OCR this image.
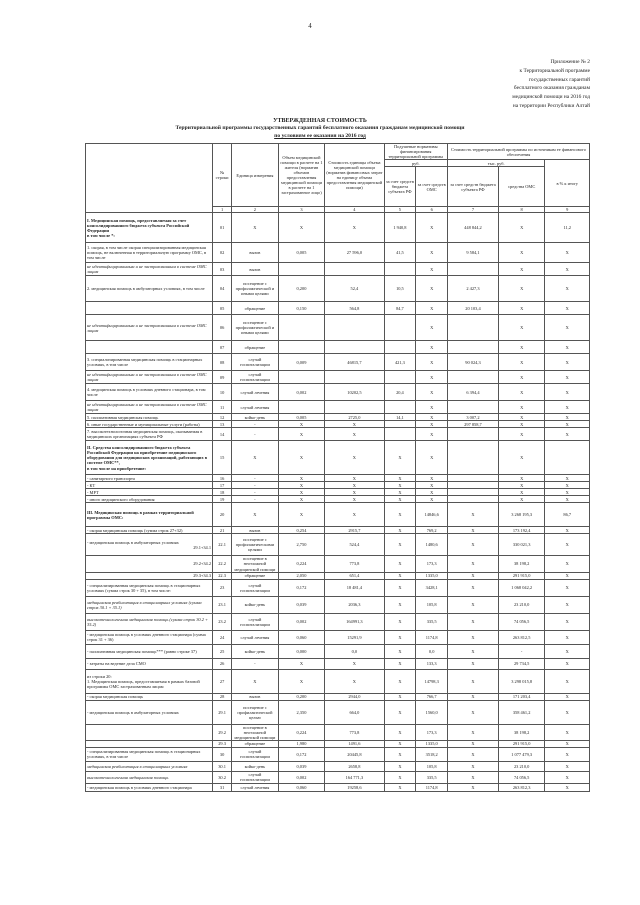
4
Приложение № 2
к Территориальной программе
государственных гарантий
бесплатного оказания гражданам
медицинской помощи на 2016 год
на территории Республики Алтай
УТВЕРЖДЕННАЯ СТОИМОСТЬ
Территориальной программы государственных гарантий бесплатного оказания гражданам медицинской помощи
по условиям ее оказания на 2016 год
	№ строки	Единица измерения	Объем медицинской помощи в расчете на 1 жителя (норматив объемов предоставления медицинской помощи в расчете на 1 застрахованное лицо)	Стоимость единицы объема медицинской помощи (норматив финансовых затрат на единицу объема предоставления медицинской помощи)	Подушевые нормативы финансирования территориальной программы		Стоимость территориальной программы по источникам ее финансового обеспечения		
					руб.		тыс. руб.		в % к итогу
					за счет средств бюджета субъекта РФ	за счет средств ОМС	за счет средств бюджета субъекта РФ	средства ОМС	
	1	2	3	4	5	6	7	8	9
I. Медицинская помощь, предоставляемая за счет консолидированного бюджета субъекта Российской Федерации
в том числе *:	01	X	X	X	1 940,8	X	448 844,2	X	11,2
1. скорая, в том числе скорая специализированная медицинская помощь, не включенная в территориальную программу ОМС, в том числе	02	вызов	0,005	27 596,0	41,5	X	9 584,1	X	X
не идентифицированным и не застрахованным в системе ОМС лицам	03	вызов				X		X	X
2. медицинская помощь в амбулаторных условиях, в том числе	04	посещение с профилактической и иными целями	0,200	52,4	10,5	X	2 427,3	X	X
	05	обращение	0,150	564,8	84,7	X	20 103,4	X	X
не идентифицированным и не застрахованным в системе ОМС лицам	06	посещение с профилактической и иными целями				X		X	X
	07	обращение				X		X	X
3. специализированная медицинская помощь в стационарных условиях, в том числе	08	случай госпитализации	0,009	46815,7	421,3	X	90 024,3	X	X
не идентифицированным и не застрахованным в системе ОМС лицам	09	случай госпитализации				X		X	X
4. медицинская помощь в условиях дневного стационара, в том числе	10	случай лечения	0,002	10202,5	20,4	X	6 394,4	X	X
не идентифицированным и не застрахованным в системе ОМС лицам	11	случай лечения				X		X	X
5. паллиативная медицинская помощь	12	койко-день	0,005	2725,0	14,1	X	3 007,2	X	X
6. иные государственные и муниципальные услуги (работы)	13	-	X	X		X	297 858,7	X	X
7. высокотехнологичная медицинская помощь, оказываемая в медицинских организациях субъекта РФ	14	-	X	X		X		X	X
II. Средства консолидированного бюджета субъекта Российской Федерации на приобретение медицинского оборудования для медицинских организаций, работающих в системе ОМС**,
в том числе на приобретение:	15	X	X	X	X	X		X	
- санитарного транспорта	16	-	X	X	X	X		X	X
- КТ	17	-	X	X	X	X		X	X
- МРТ	18	-	X	X	X	X		X	X
- иного медицинского оборудования	19	-	X	X	X	X		X	X
III. Медицинская помощь в рамках территориальной программы ОМС:	20	X	X	X	X	14846,6	X	3 268 195,3	86,7
- скорая медицинская помощь (сумма строк 27+32)	21	вызов	0,254	2915,7	X	769,2	X	173 192,4	X
- медицинская помощь в амбулаторных условиях
29.1+34.1	22.1	посещение с профилактическими целями	2,750	524,4	X	1480,6	X	330 021,3	X

29.2+34.2	22.2	посещение в неотложной медицинской помощи	0,224	773,8	X	173,3	X	38 198,2	X

29.3+34.3	22.3	обращение	2,050	651,4	X	1335,0	X	291 915,0	X
- специализированная медицинская помощь в стационарных условиях (сумма строк 30 + 35), в том числе:	23	случай госпитализации	0,172	18 481,4	X	3428,1	X	1 068 042,2	X
медицинская реабилитация в стационарных условиях (сумма строк 30.1 + 35.1)	23.1	койко-день	0,039	2036,3	X	105,8	X	23 210,0	X
высокотехнологичная медицинская помощь (сумма строк 30.2 + 35.2)	23.2	случай госпитализации	0,002	164991,3	X	335,5	X	74 056,5	X
- медицинская помощь в условиях дневного стационара (сумма строк 31 + 36)	24	случай лечения	0,060	15291,9	X	1174,8	X	263 812,5	X
- паллиативная медицинская помощь*** (равно строке 37)	25	койко-день	0,000	0,0	X	0,0	X	-	X
- затраты на ведение дела СМО	26	-	X	X	X	133,3	X	29 734,5	X
из строки 20:
1. Медицинская помощь, предоставляемая в рамках базовой программы ОМС застрахованным лицам	27	X	X	X	X	14798,3	X	3 298 015,8	X
- скорая медицинская помощь	28	вызов	0,200	2944,0	X	766,7	X	171 203,4	X
- медицинская помощь в амбулаторных условиях	29.1	посещение с профилактической целью	2,350	664,0	X	1560,0	X	358 461,2	X
	29.2	посещение в неотложной медицинской помощи	0,224	773,8	X	173,3	X	38 198,2	X
	29.3	обращение	1,980	1491,6	X	1335,0	X	291 915,0	X
- специализированная медицинская помощь в стационарных условиях, в том числе	30	случай госпитализации	0,172	20445,8	X	3518,2	X	1 077 479,3	X
медицинская реабилитация в стационарных условиях	30.1	койко-день	0,039	2658,8	X	105,8	X	23 210,0	X
высокотехнологичная медицинская помощь	30.2	случай госпитализации	0,002	164 771,3	X	335,5	X	74 056,5	X
- медицинская помощь в условиях дневного стационара	31	случай лечения	0,060	19258,6	X	1174,8	X	263 812,3	X
